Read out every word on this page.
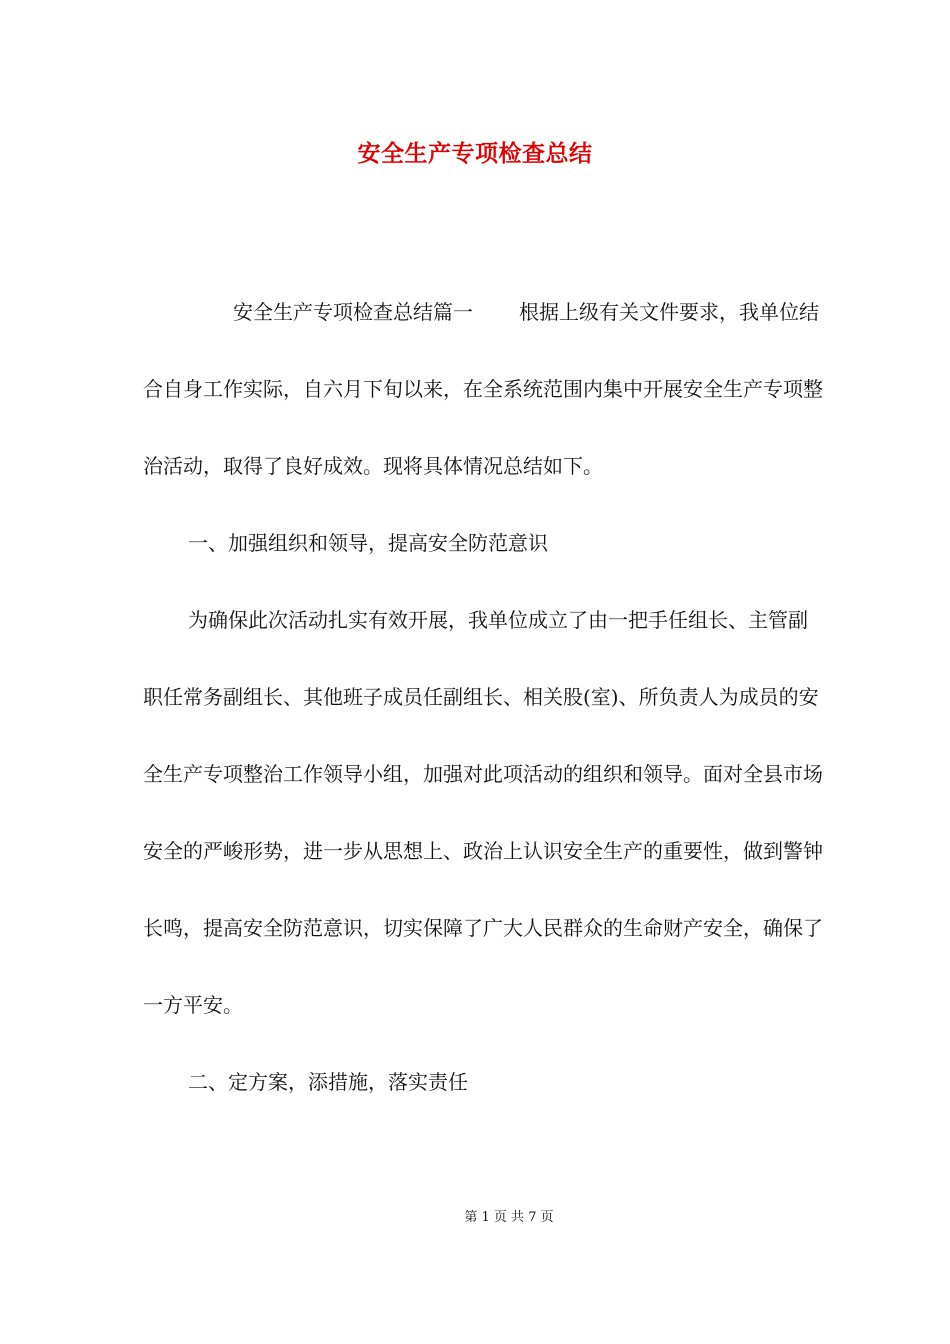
安全生产专项检查总结

安全生产专项检查总结篇一 根据上级有关文件要求，我单位结合自身工作实际，自六月下旬以来，在全系统范围内集中开展安全生产专项整治活动，取得了良好成效。现将具体情况总结如下。

一、加强组织和领导，提高安全防范意识

为确保此次活动扎实有效开展，我单位成立了由一把手任组长、主管副职任常务副组长、其他班子成员任副组长、相关股(室)、所负责人为成员的安全生产专项整治工作领导小组，加强对此项活动的组织和领导。面对全县市场安全的严峻形势，进一步从思想上、政治上认识安全生产的重要性，做到警钟长鸣，提高安全防范意识，切实保障了广大人民群众的生命财产安全，确保了一方平安。

二、定方案，添措施，落实责任

第 1 页 共 7 页
